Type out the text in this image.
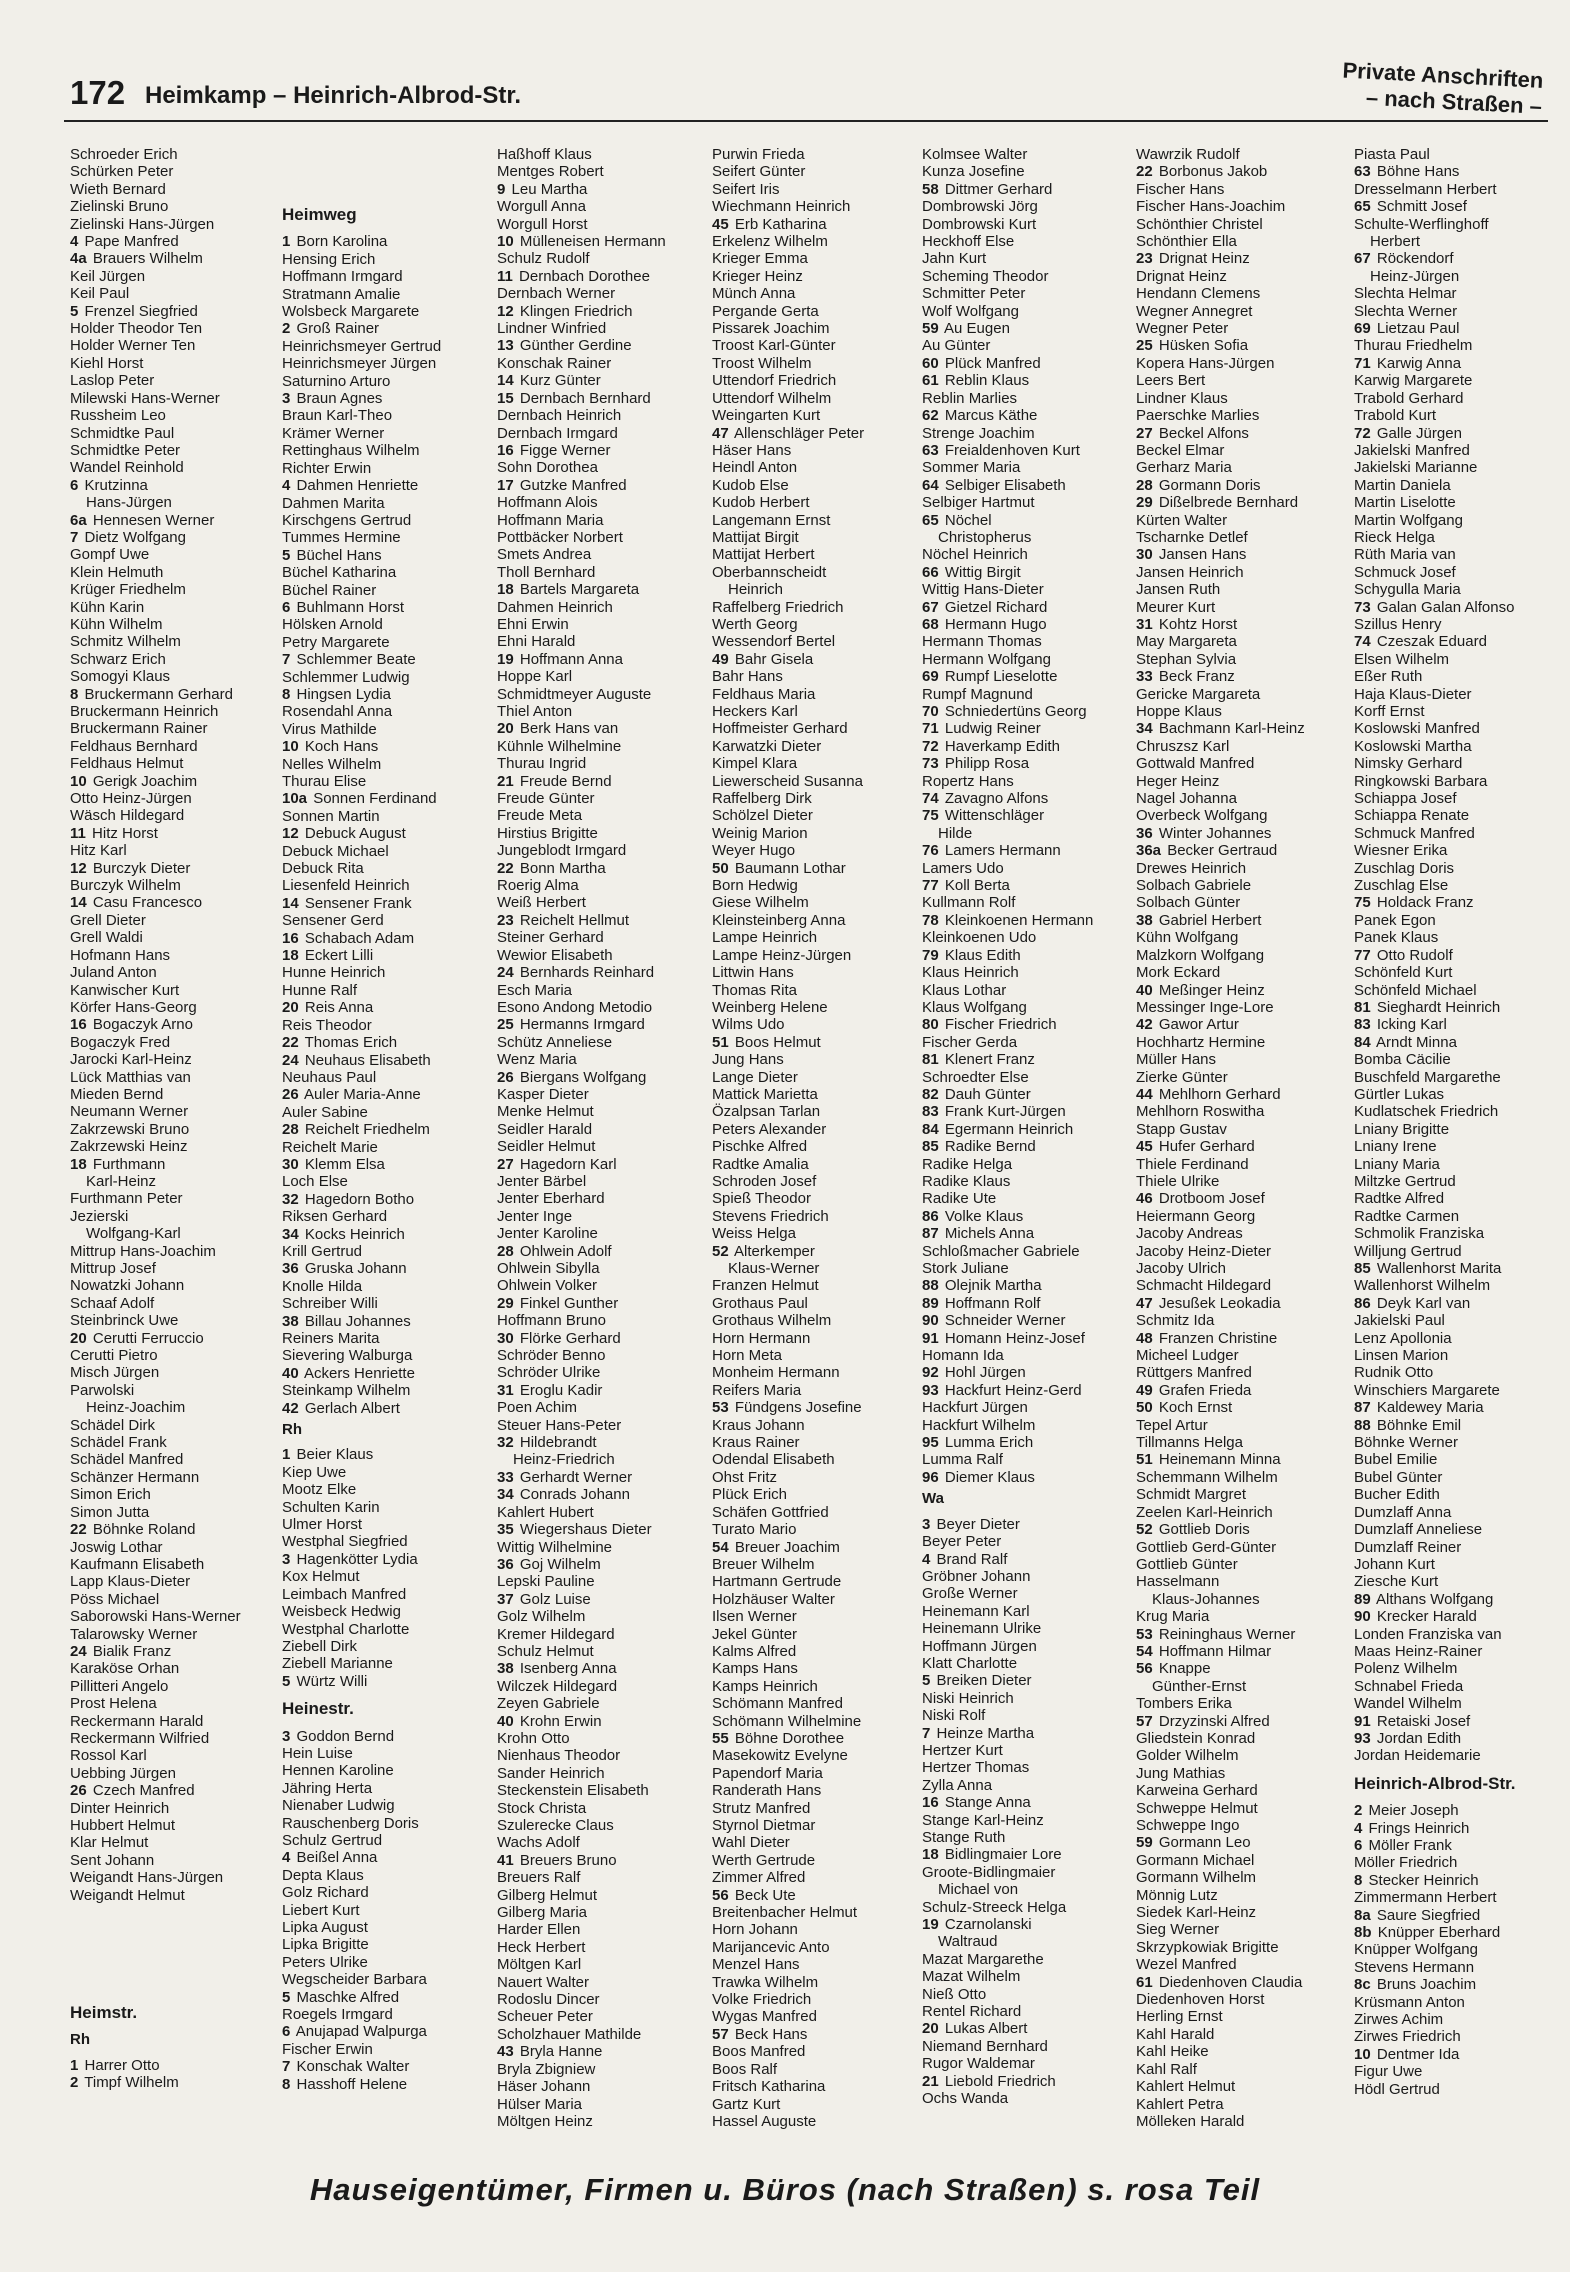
172 Heimkamp – Heinrich-Albrod-Str.
Private Anschriften
– nach Straßen –
Schroeder Erich
Schürken Peter
Wieth Bernard
Zielinski Bruno
Zielinski Hans-Jürgen
4 Pape Manfred
4a Brauers Wilhelm
Keil Jürgen
Keil Paul
5 Frenzel Siegfried
Holder Theodor Ten
Holder Werner Ten
Kiehl Horst
Laslop Peter
Milewski Hans-Werner
Russheim Leo
Schmidtke Paul
Schmidtke Peter
Wandel Reinhold
6 Krutzinna
Hans-Jürgen
6a Hennesen Werner
7 Dietz Wolfgang
Gompf Uwe
Klein Helmuth
Krüger Friedhelm
Kühn Karin
Kühn Wilhelm
Schmitz Wilhelm
Schwarz Erich
Somogyi Klaus
8 Bruckermann Gerhard
Bruckermann Heinrich
Bruckermann Rainer
Feldhaus Bernhard
Feldhaus Helmut
10 Gerigk Joachim
Otto Heinz-Jürgen
Wäsch Hildegard
11 Hitz Horst
Hitz Karl
12 Burczyk Dieter
Burczyk Wilhelm
14 Casu Francesco
Grell Dieter
Grell Waldi
Hofmann Hans
Juland Anton
Kanwischer Kurt
Körfer Hans-Georg
16 Bogaczyk Arno
Bogaczyk Fred
Jarocki Karl-Heinz
Lück Matthias van
Mieden Bernd
Neumann Werner
Zakrzewski Bruno
Zakrzewski Heinz
18 Furthmann
Karl-Heinz
Furthmann Peter
Jezierski
Wolfgang-Karl
Mittrup Hans-Joachim
Mittrup Josef
Nowatzki Johann
Schaaf Adolf
Steinbrinck Uwe
20 Cerutti Ferruccio
Cerutti Pietro
Misch Jürgen
Parwolski
Heinz-Joachim
Schädel Dirk
Schädel Frank
Schädel Manfred
Schänzer Hermann
Simon Erich
Simon Jutta
22 Böhnke Roland
Joswig Lothar
Kaufmann Elisabeth
Lapp Klaus-Dieter
Pöss Michael
Saborowski Hans-Werner
Talarowsky Werner
24 Bialik Franz
Karaköse Orhan
Pillitteri Angelo
Prost Helena
Reckermann Harald
Reckermann Wilfried
Rossol Karl
Uebbing Jürgen
26 Czech Manfred
Dinter Heinrich
Hubbert Helmut
Klar Helmut
Sent Johann
Weigandt Hans-Jürgen
Weigandt Helmut
Heimstr.
Rh
1 Harrer Otto
2 Timpf Wilhelm
Heimweg
1 Born Karolina
Hensing Erich
Hoffmann Irmgard
Stratmann Amalie
Wolsbeck Margarete
2 Groß Rainer
Heinrichsmeyer Gertrud
Heinrichsmeyer Jürgen
Saturnino Arturo
3 Braun Agnes
Braun Karl-Theo
Krämer Werner
Rettinghaus Wilhelm
Richter Erwin
4 Dahmen Henriette
Dahmen Marita
Kirschgens Gertrud
Tummes Hermine
5 Büchel Hans
Büchel Katharina
Büchel Rainer
6 Buhlmann Horst
Hölsken Arnold
Petry Margarete
7 Schlemmer Beate
Schlemmer Ludwig
8 Hingsen Lydia
Rosendahl Anna
Virus Mathilde
10 Koch Hans
Nelles Wilhelm
Thurau Elise
10a Sonnen Ferdinand
Sonnen Martin
12 Debuck August
Debuck Michael
Debuck Rita
Liesenfeld Heinrich
14 Sensener Frank
Sensener Gerd
16 Schabach Adam
18 Eckert Lilli
Hunne Heinrich
Hunne Ralf
20 Reis Anna
Reis Theodor
22 Thomas Erich
24 Neuhaus Elisabeth
Neuhaus Paul
26 Auler Maria-Anne
Auler Sabine
28 Reichelt Friedhelm
Reichelt Marie
30 Klemm Elsa
Loch Else
32 Hagedorn Botho
Riksen Gerhard
34 Kocks Heinrich
Krill Gertrud
36 Gruska Johann
Knolle Hilda
Schreiber Willi
38 Billau Johannes
Reiners Marita
Sievering Walburga
40 Ackers Henriette
Steinkamp Wilhelm
42 Gerlach Albert
Rh
1 Beier Klaus
Kiep Uwe
Mootz Elke
Schulten Karin
Ulmer Horst
Westphal Siegfried
3 Hagenkötter Lydia
Kox Helmut
Leimbach Manfred
Weisbeck Hedwig
Westphal Charlotte
Ziebell Dirk
Ziebell Marianne
5 Würtz Willi
Heinestr.
3 Goddon Bernd
Hein Luise
Hennen Karoline
Jähring Herta
Nienaber Ludwig
Rauschenberg Doris
Schulz Gertrud
4 Beißel Anna
Depta Klaus
Golz Richard
Liebert Kurt
Lipka August
Lipka Brigitte
Peters Ulrike
Wegscheider Barbara
5 Maschke Alfred
Roegels Irmgard
6 Anujapad Walpurga
Fischer Erwin
7 Konschak Walter
8 Hasshoff Helene
Haßhoff Klaus
Mentges Robert
9 Leu Martha
Worgull Anna
Worgull Horst
10 Mülleneisen Hermann
Schulz Rudolf
11 Dernbach Dorothee
Dernbach Werner
12 Klingen Friedrich
Lindner Winfried
13 Günther Gerdine
Konschak Rainer
14 Kurz Günter
15 Dernbach Bernhard
Dernbach Heinrich
Dernbach Irmgard
16 Figge Werner
Sohn Dorothea
17 Gutzke Manfred
Hoffmann Alois
Hoffmann Maria
Pottbäcker Norbert
Smets Andrea
Tholl Bernhard
18 Bartels Margareta
Dahmen Heinrich
Ehni Erwin
Ehni Harald
19 Hoffmann Anna
Hoppe Karl
Schmidtmeyer Auguste
Thiel Anton
20 Berk Hans van
Kühnle Wilhelmine
Thurau Ingrid
21 Freude Bernd
Freude Günter
Freude Meta
Hirstius Brigitte
Jungeblodt Irmgard
22 Bonn Martha
Roerig Alma
Weiß Herbert
23 Reichelt Hellmut
Steiner Gerhard
Wewior Elisabeth
24 Bernhards Reinhard
Esch Maria
Esono Andong Metodio
25 Hermanns Irmgard
Schütz Anneliese
Wenz Maria
26 Biergans Wolfgang
Kasper Dieter
Menke Helmut
Seidler Harald
Seidler Helmut
27 Hagedorn Karl
Jenter Bärbel
Jenter Eberhard
Jenter Inge
Jenter Karoline
28 Ohlwein Adolf
Ohlwein Sibylla
Ohlwein Volker
29 Finkel Gunther
Hoffmann Bruno
30 Flörke Gerhard
Schröder Benno
Schröder Ulrike
31 Eroglu Kadir
Poen Achim
Steuer Hans-Peter
32 Hildebrandt
Heinz-Friedrich
33 Gerhardt Werner
34 Conrads Johann
Kahlert Hubert
35 Wiegershaus Dieter
Wittig Wilhelmine
36 Goj Wilhelm
Lepski Pauline
37 Golz Luise
Golz Wilhelm
Kremer Hildegard
Schulz Helmut
38 Isenberg Anna
Wilczek Hildegard
Zeyen Gabriele
40 Krohn Erwin
Krohn Otto
Nienhaus Theodor
Sander Heinrich
Steckenstein Elisabeth
Stock Christa
Szulerecke Claus
Wachs Adolf
41 Breuers Bruno
Breuers Ralf
Gilberg Helmut
Gilberg Maria
Harder Ellen
Heck Herbert
Möltgen Karl
Nauert Walter
Rodoslu Dincer
Scheuer Peter
Scholzhauer Mathilde
43 Bryla Hanne
Bryla Zbigniew
Häser Johann
Hülser Maria
Möltgen Heinz
Purwin Frieda
Seifert Günter
Seifert Iris
Wiechmann Heinrich
45 Erb Katharina
Erkelenz Wilhelm
Krieger Emma
Krieger Heinz
Münch Anna
Pergande Gerta
Pissarek Joachim
Troost Karl-Günter
Troost Wilhelm
Uttendorf Friedrich
Uttendorf Wilhelm
Weingarten Kurt
47 Allenschläger Peter
Häser Hans
Heindl Anton
Kudob Else
Kudob Herbert
Langemann Ernst
Mattijat Birgit
Mattijat Herbert
Oberbannscheidt
Heinrich
Raffelberg Friedrich
Werth Georg
Wessendorf Bertel
49 Bahr Gisela
Bahr Hans
Feldhaus Maria
Heckers Karl
Hoffmeister Gerhard
Karwatzki Dieter
Kimpel Klara
Liewerscheid Susanna
Raffelberg Dirk
Schölzel Dieter
Weinig Marion
Weyer Hugo
50 Baumann Lothar
Born Hedwig
Giese Wilhelm
Kleinsteinberg Anna
Lampe Heinrich
Lampe Heinz-Jürgen
Littwin Hans
Thomas Rita
Weinberg Helene
Wilms Udo
51 Boos Helmut
Jung Hans
Lange Dieter
Mattick Marietta
Özalpsan Tarlan
Peters Alexander
Pischke Alfred
Radtke Amalia
Schroden Josef
Spieß Theodor
Stevens Friedrich
Weiss Helga
52 Alterkemper
Klaus-Werner
Franzen Helmut
Grothaus Paul
Grothaus Wilhelm
Horn Hermann
Horn Meta
Monheim Hermann
Reifers Maria
53 Fündgens Josefine
Kraus Johann
Kraus Rainer
Odendal Elisabeth
Ohst Fritz
Plück Erich
Schäfen Gottfried
Turato Mario
54 Breuer Joachim
Breuer Wilhelm
Hartmann Gertrude
Holzhäuser Walter
Ilsen Werner
Jekel Günter
Kalms Alfred
Kamps Hans
Kamps Heinrich
Schömann Manfred
Schömann Wilhelmine
55 Böhne Dorothee
Masekowitz Evelyne
Papendorf Maria
Randerath Hans
Strutz Manfred
Styrnol Dietmar
Wahl Dieter
Werth Gertrude
Zimmer Alfred
56 Beck Ute
Breitenbacher Helmut
Horn Johann
Marijancevic Anto
Menzel Hans
Trawka Wilhelm
Volke Friedrich
Wygas Manfred
57 Beck Hans
Boos Manfred
Boos Ralf
Fritsch Katharina
Gartz Kurt
Hassel Auguste
Kolmsee Walter
Kunza Josefine
58 Dittmer Gerhard
Dombrowski Jörg
Dombrowski Kurt
Heckhoff Else
Jahn Kurt
Scheming Theodor
Schmitter Peter
Wolf Wolfgang
59 Au Eugen
Au Günter
60 Plück Manfred
61 Reblin Klaus
Reblin Marlies
62 Marcus Käthe
Strenge Joachim
63 Freialdenhoven Kurt
Sommer Maria
64 Selbiger Elisabeth
Selbiger Hartmut
65 Nöchel
Christopherus
Nöchel Heinrich
66 Wittig Birgit
Wittig Hans-Dieter
67 Gietzel Richard
68 Hermann Hugo
Hermann Thomas
Hermann Wolfgang
69 Rumpf Lieselotte
Rumpf Magnund
70 Schniedertüns Georg
71 Ludwig Reiner
72 Haverkamp Edith
73 Philipp Rosa
Ropertz Hans
74 Zavagno Alfons
75 Wittenschläger
Hilde
76 Lamers Hermann
Lamers Udo
77 Koll Berta
Kullmann Rolf
78 Kleinkoenen Hermann
Kleinkoenen Udo
79 Klaus Edith
Klaus Heinrich
Klaus Lothar
Klaus Wolfgang
80 Fischer Friedrich
Fischer Gerda
81 Klenert Franz
Schroedter Else
82 Dauh Günter
83 Frank Kurt-Jürgen
84 Egermann Heinrich
85 Radike Bernd
Radike Helga
Radike Klaus
Radike Ute
86 Volke Klaus
87 Michels Anna
Schloßmacher Gabriele
Stork Juliane
88 Olejnik Martha
89 Hoffmann Rolf
90 Schneider Werner
91 Homann Heinz-Josef
Homann Ida
92 Hohl Jürgen
93 Hackfurt Heinz-Gerd
Hackfurt Jürgen
Hackfurt Wilhelm
95 Lumma Erich
Lumma Ralf
96 Diemer Klaus
Wa
3 Beyer Dieter
Beyer Peter
4 Brand Ralf
Gröbner Johann
Große Werner
Heinemann Karl
Heinemann Ulrike
Hoffmann Jürgen
Klatt Charlotte
5 Breiken Dieter
Niski Heinrich
Niski Rolf
7 Heinze Martha
Hertzer Kurt
Hertzer Thomas
Zylla Anna
16 Stange Anna
Stange Karl-Heinz
Stange Ruth
18 Bidlingmaier Lore
Groote-Bidlingmaier
Michael von
Schulz-Streeck Helga
19 Czarnolanski
Waltraud
Mazat Margarethe
Mazat Wilhelm
Nieß Otto
Rentel Richard
20 Lukas Albert
Niemand Bernhard
Rugor Waldemar
21 Liebold Friedrich
Ochs Wanda
Wawrzik Rudolf
22 Borbonus Jakob
Fischer Hans
Fischer Hans-Joachim
Schönthier Christel
Schönthier Ella
23 Drignat Heinz
Drignat Heinz
Hendann Clemens
Wegner Annegret
Wegner Peter
25 Hüsken Sofia
Kopera Hans-Jürgen
Leers Bert
Lindner Klaus
Paerschke Marlies
27 Beckel Alfons
Beckel Elmar
Gerharz Maria
28 Gormann Doris
29 Dißelbrede Bernhard
Kürten Walter
Tscharnke Detlef
30 Jansen Hans
Jansen Heinrich
Jansen Ruth
Meurer Kurt
31 Kohtz Horst
May Margareta
Stephan Sylvia
33 Beck Franz
Gericke Margareta
Hoppe Klaus
34 Bachmann Karl-Heinz
Chruszsz Karl
Gottwald Manfred
Heger Heinz
Nagel Johanna
Overbeck Wolfgang
36 Winter Johannes
36a Becker Gertraud
Drewes Heinrich
Solbach Gabriele
Solbach Günter
38 Gabriel Herbert
Kühn Wolfgang
Malzkorn Wolfgang
Mork Eckard
40 Meßinger Heinz
Messinger Inge-Lore
42 Gawor Artur
Hochhartz Hermine
Müller Hans
Zierke Günter
44 Mehlhorn Gerhard
Mehlhorn Roswitha
Stapp Gustav
45 Hufer Gerhard
Thiele Ferdinand
Thiele Ulrike
46 Drotboom Josef
Heiermann Georg
Jacoby Andreas
Jacoby Heinz-Dieter
Jacoby Ulrich
Schmacht Hildegard
47 Jesußek Leokadia
Schmitz Ida
48 Franzen Christine
Micheel Ludger
Rüttgers Manfred
49 Grafen Frieda
50 Koch Ernst
Tepel Artur
Tillmanns Helga
51 Heinemann Minna
Schemmann Wilhelm
Schmidt Margret
Zeelen Karl-Heinrich
52 Gottlieb Doris
Gottlieb Gerd-Günter
Gottlieb Günter
Hasselmann
Klaus-Johannes
Krug Maria
53 Reininghaus Werner
54 Hoffmann Hilmar
56 Knappe
Günther-Ernst
Tombers Erika
57 Drzyzinski Alfred
Gliedstein Konrad
Golder Wilhelm
Jung Mathias
Karweina Gerhard
Schweppe Helmut
Schweppe Ingo
59 Gormann Leo
Gormann Michael
Gormann Wilhelm
Mönnig Lutz
Siedek Karl-Heinz
Sieg Werner
Skrzypkowiak Brigitte
Wezel Manfred
61 Diedenhoven Claudia
Diedenhoven Horst
Herling Ernst
Kahl Harald
Kahl Heike
Kahl Ralf
Kahlert Helmut
Kahlert Petra
Mölleken Harald
Piasta Paul
63 Böhne Hans
Dresselmann Herbert
65 Schmitt Josef
Schulte-Werflinghoff
Herbert
67 Röckendorf
Heinz-Jürgen
Slechta Helmar
Slechta Werner
69 Lietzau Paul
Thurau Friedhelm
71 Karwig Anna
Karwig Margarete
Trabold Gerhard
Trabold Kurt
72 Galle Jürgen
Jakielski Manfred
Jakielski Marianne
Martin Daniela
Martin Liselotte
Martin Wolfgang
Rieck Helga
Rüth Maria van
Schmuck Josef
Schygulla Maria
73 Galan Galan Alfonso
Szillus Henry
74 Czeszak Eduard
Elsen Wilhelm
Eßer Ruth
Haja Klaus-Dieter
Korff Ernst
Koslowski Manfred
Koslowski Martha
Nimsky Gerhard
Ringkowski Barbara
Schiappa Josef
Schiappa Renate
Schmuck Manfred
Wiesner Erika
Zuschlag Doris
Zuschlag Else
75 Holdack Franz
Panek Egon
Panek Klaus
77 Otto Rudolf
Schönfeld Kurt
Schönfeld Michael
81 Sieghardt Heinrich
83 Icking Karl
84 Arndt Minna
Bomba Cäcilie
Buschfeld Margarethe
Gürtler Lukas
Kudlatschek Friedrich
Lniany Brigitte
Lniany Irene
Lniany Maria
Miltzke Gertrud
Radtke Alfred
Radtke Carmen
Schmolik Franziska
Willjung Gertrud
85 Wallenhorst Marita
Wallenhorst Wilhelm
86 Deyk Karl van
Jakielski Paul
Lenz Apollonia
Linsen Marion
Rudnik Otto
Winschiers Margarete
87 Kaldewey Maria
88 Böhnke Emil
Böhnke Werner
Bubel Emilie
Bubel Günter
Bucher Edith
Dumzlaff Anna
Dumzlaff Anneliese
Dumzlaff Reiner
Johann Kurt
Ziesche Kurt
89 Althans Wolfgang
90 Krecker Harald
Londen Franziska van
Maas Heinz-Rainer
Polenz Wilhelm
Schnabel Frieda
Wandel Wilhelm
91 Retaiski Josef
93 Jordan Edith
Jordan Heidemarie
Heinrich-Albrod-Str.
2 Meier Joseph
4 Frings Heinrich
6 Möller Frank
Möller Friedrich
8 Stecker Heinrich
Zimmermann Herbert
8a Saure Siegfried
8b Knüpper Eberhard
Knüpper Wolfgang
Stevens Hermann
8c Bruns Joachim
Krüsmann Anton
Zirwes Achim
Zirwes Friedrich
10 Dentmer Ida
Figur Uwe
Hödl Gertrud
Hauseigentümer, Firmen u. Büros (nach Straßen) s. rosa Teil
